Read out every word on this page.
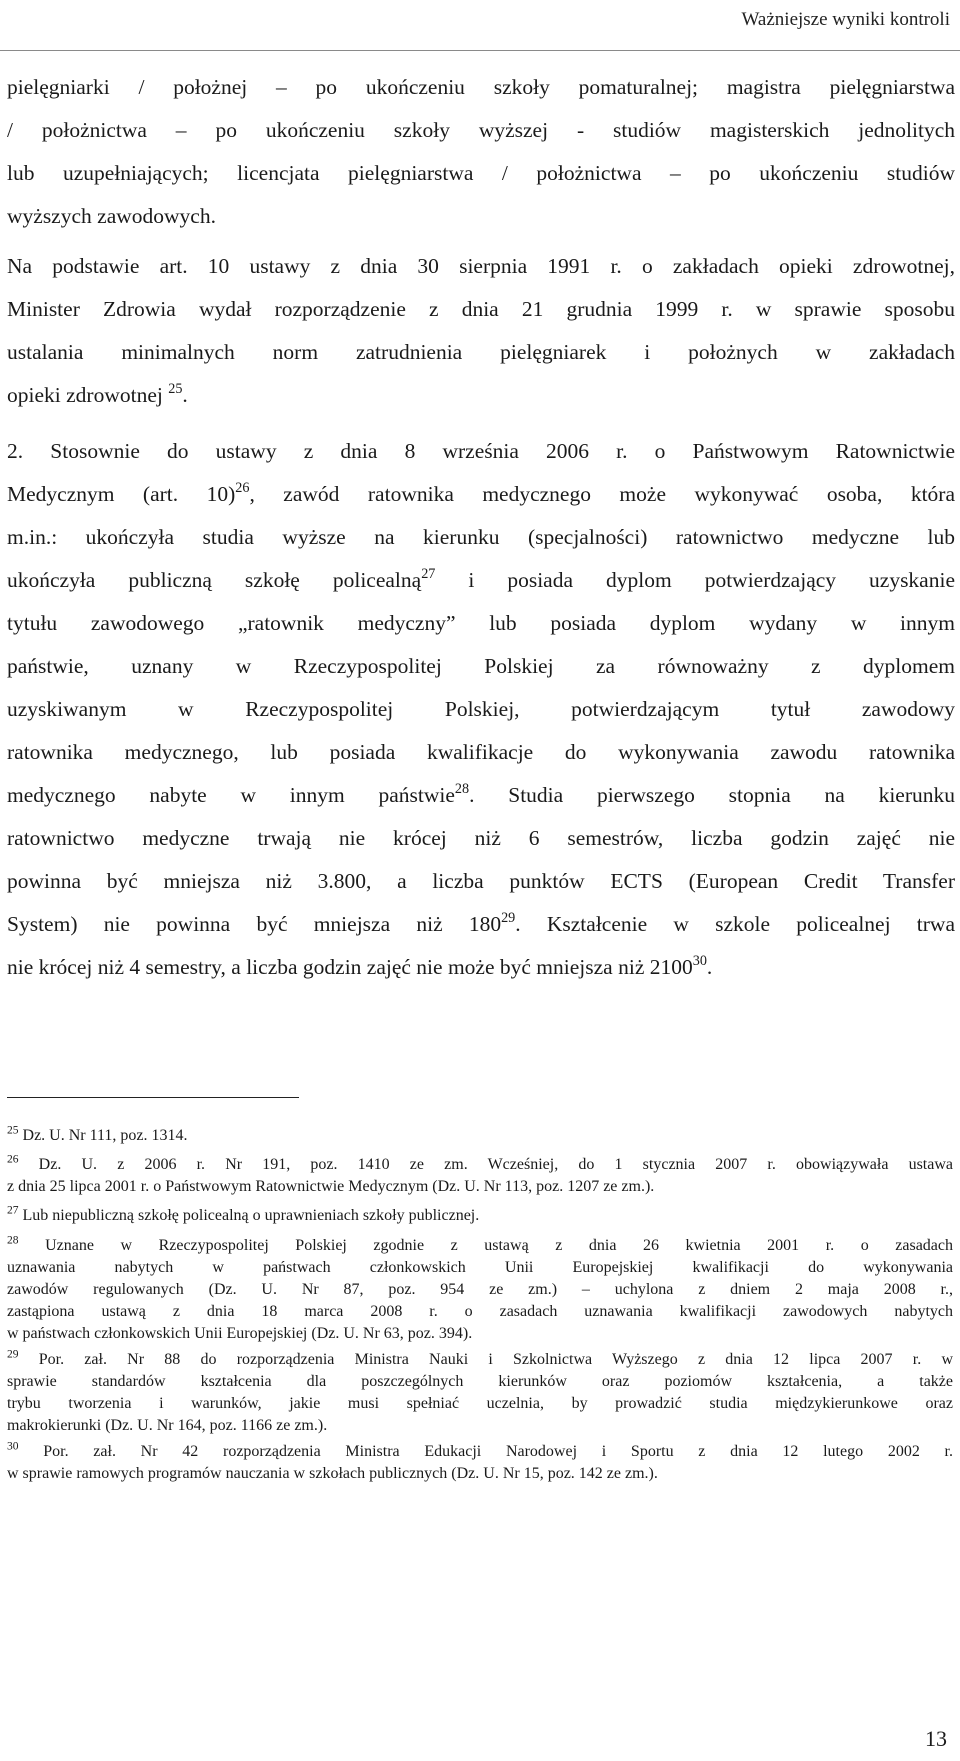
Ważniejsze wyniki kontroli
pielęgniarki / położnej – po ukończeniu szkoły pomaturalnej; magistra pielęgniarstwa
/ położnictwa – po ukończeniu szkoły wyższej - studiów magisterskich jednolitych
lub uzupełniających; licencjata pielęgniarstwa / położnictwa – po ukończeniu studiów
wyższych zawodowych.
Na podstawie art. 10 ustawy z dnia 30 sierpnia 1991 r. o zakładach opieki zdrowotnej,
Minister Zdrowia wydał rozporządzenie z dnia 21 grudnia 1999 r. w sprawie sposobu
ustalania minimalnych norm zatrudnienia pielęgniarek i położnych w zakładach
opieki zdrowotnej $^{25}$.
2. Stosownie do ustawy z dnia 8 września 2006 r. o Państwowym Ratownictwie
Medycznym (art. 10)$^{26}$, zawód ratownika medycznego może wykonywać osoba, która
m.in.: ukończyła studia wyższe na kierunku (specjalności) ratownictwo medyczne lub
ukończyła publiczną szkołę policealną$^{27}$ i posiada dyplom potwierdzający uzyskanie
tytułu zawodowego „ratownik medyczny” lub posiada dyplom wydany w innym
państwie, uznany w Rzeczypospolitej Polskiej za równoważny z dyplomem
uzyskiwanym w Rzeczypospolitej Polskiej, potwierdzającym tytuł zawodowy
ratownika medycznego, lub posiada kwalifikacje do wykonywania zawodu ratownika
medycznego nabyte w innym państwie$^{28}$. Studia pierwszego stopnia na kierunku
ratownictwo medyczne trwają nie krócej niż 6 semestrów, liczba godzin zajęć nie
powinna być mniejsza niż 3.800, a liczba punktów ECTS (European Credit Transfer
System) nie powinna być mniejsza niż $180^{29}$. Kształcenie w szkole policealnej trwa
nie krócej niż 4 semestry, a liczba godzin zajęć nie może być mniejsza niż 2100$^{30}$.
$^{25}$ Dz. U. Nr 111, poz. 1314.
$^{26}$ Dz. U. z 2006 r. Nr 191, poz. 1410 ze zm. Wcześniej, do 1 stycznia 2007 r. obowiązywała ustawa
z dnia 25 lipca 2001 r. o Państwowym Ratownictwie Medycznym (Dz. U. Nr 113, poz. 1207 ze zm.).
$^{27}$ Lub niepubliczną szkołę policealną o uprawnieniach szkoły publicznej.
$^{28}$ Uznane w Rzeczypospolitej Polskiej zgodnie z ustawą z dnia 26 kwietnia 2001 r. o zasadach
uznawania nabytych w państwach członkowskich Unii Europejskiej kwalifikacji do wykonywania
zawodów regulowanych (Dz. U. Nr 87, poz. 954 ze zm.) – uchylona z dniem 2 maja 2008 r.,
zastąpiona ustawą z dnia 18 marca 2008 r. o zasadach uznawania kwalifikacji zawodowych nabytych
w państwach członkowskich Unii Europejskiej (Dz. U. Nr 63, poz. 394).
$^{29}$ Por. zał. Nr 88 do rozporządzenia Ministra Nauki i Szkolnictwa Wyższego z dnia 12 lipca 2007 r. w
sprawie standardów kształcenia dla poszczególnych kierunków oraz poziomów kształcenia, a także
trybu tworzenia i warunków, jakie musi spełniać uczelnia, by prowadzić studia międzykierunkowe oraz
makrokierunki (Dz. U. Nr 164, poz. 1166 ze zm.).
$^{30}$ Por. zał. Nr 42 rozporządzenia Ministra Edukacji Narodowej i Sportu z dnia 12 lutego 2002 r.
w sprawie ramowych programów nauczania w szkołach publicznych (Dz. U. Nr 15, poz. 142 ze zm.).
13
